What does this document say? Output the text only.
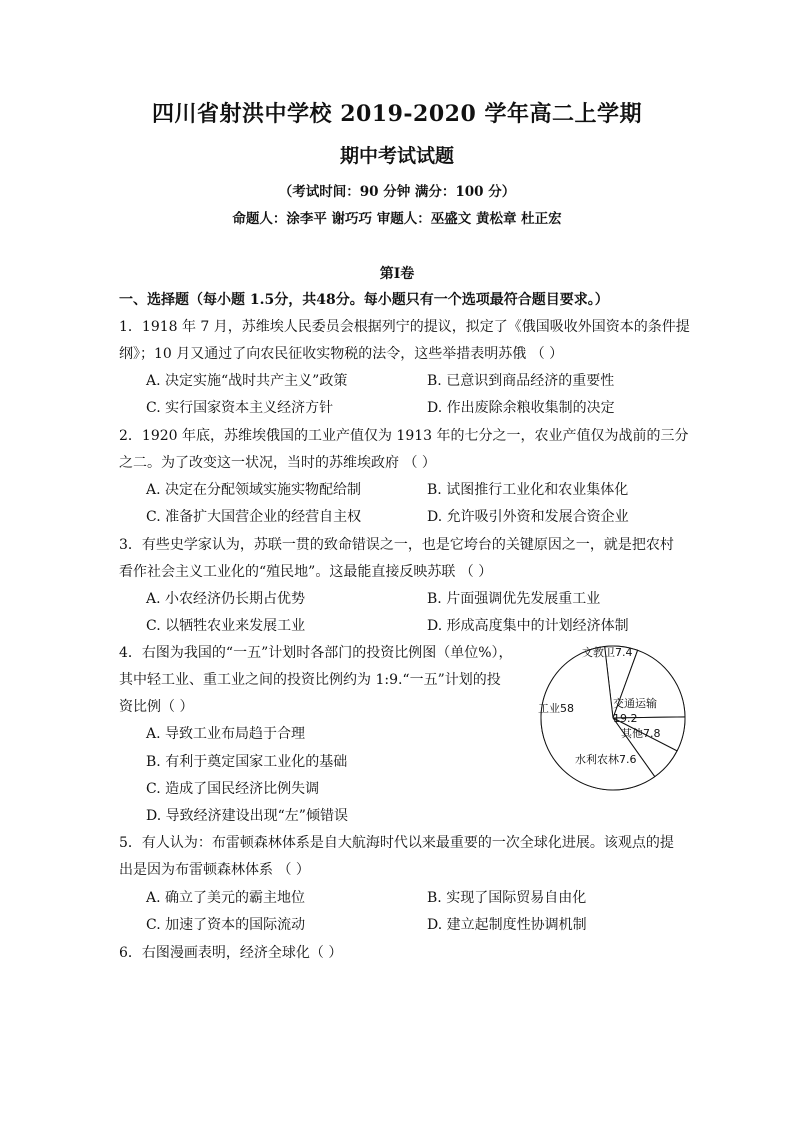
四川省射洪中学校 2019-2020 学年高二上学期
期中考试试题
（考试时间：90 分钟 满分：100 分）
命题人：涂李平 谢巧巧 审题人：巫盛文 黄松章 杜正宏
第Ⅰ卷
一、选择题（每小题 1.5分，共48分。每小题只有一个选项最符合题目要求。）
1．1918 年 7 月，苏维埃人民委员会根据列宁的提议，拟定了《俄国吸收外国资本的条件提
纲》；10 月又通过了向农民征收实物税的法令，这些举措表明苏俄 （ ）
A. 决定实施“战时共产主义”政策	B. 已意识到商品经济的重要性
C. 实行国家资本主义经济方针	D. 作出废除余粮收集制的决定
2．1920 年底，苏维埃俄国的工业产值仅为 1913 年的七分之一，农业产值仅为战前的三分
之二。为了改变这一状况，当时的苏维埃政府 （ ）
A. 决定在分配领域实施实物配给制	B. 试图推行工业化和农业集体化
C. 准备扩大国营企业的经营自主权	D. 允许吸引外资和发展合资企业
3．有些史学家认为，苏联一贯的致命错误之一，也是它垮台的关键原因之一，就是把农村
看作社会主义工业化的“殖民地”。这最能直接反映苏联 （ ）
A. 小农经济仍长期占优势	B. 片面强调优先发展重工业
C. 以牺牲农业来发展工业	D. 形成高度集中的计划经济体制
4．右图为我国的“一五”计划时各部门的投资比例图（单位%），
其中轻工业、重工业之间的投资比例约为 1:9.“一五”计划的投
资比例（ ）
A. 导致工业布局趋于合理
B. 有利于奠定国家工业化的基础
C. 造成了国民经济比例失调
D. 导致经济建设出现“左”倾错误
工业58
文教卫7.4
交通运输
19.2
其他7.8
水利农林7.6
5．有人认为：布雷顿森林体系是自大航海时代以来最重要的一次全球化进展。该观点的提
出是因为布雷顿森林体系 （ ）
A. 确立了美元的霸主地位	B. 实现了国际贸易自由化
C. 加速了资本的国际流动	D. 建立起制度性协调机制
6．右图漫画表明，经济全球化（ ）
